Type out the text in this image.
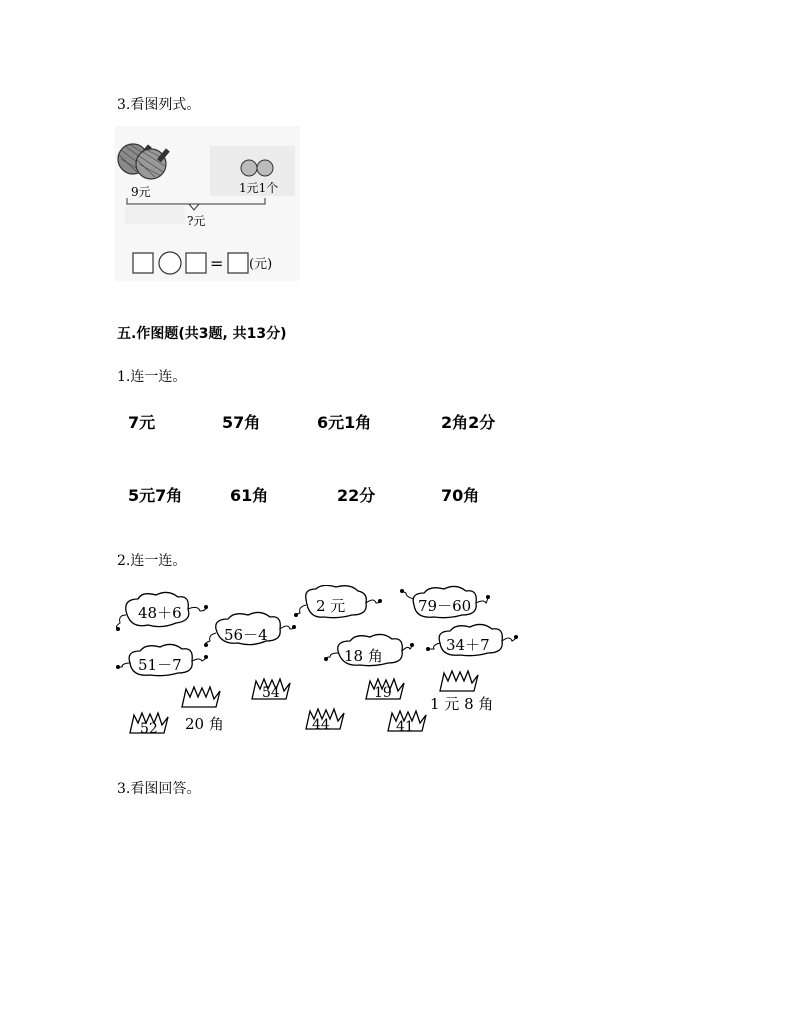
3.看图列式。
9元	1元1个
?元
= (元)
五.作图题(共3题, 共13分)
1.连一连。
7元	57角	6元1角	2角2分
5元7角	61角	22分	70角
2.连一连。
48＋6
56－4
2 元	79－60
51－7	18 角
34＋7
52
54
44
19
41
20 角
1 元 8 角
3.看图回答。
